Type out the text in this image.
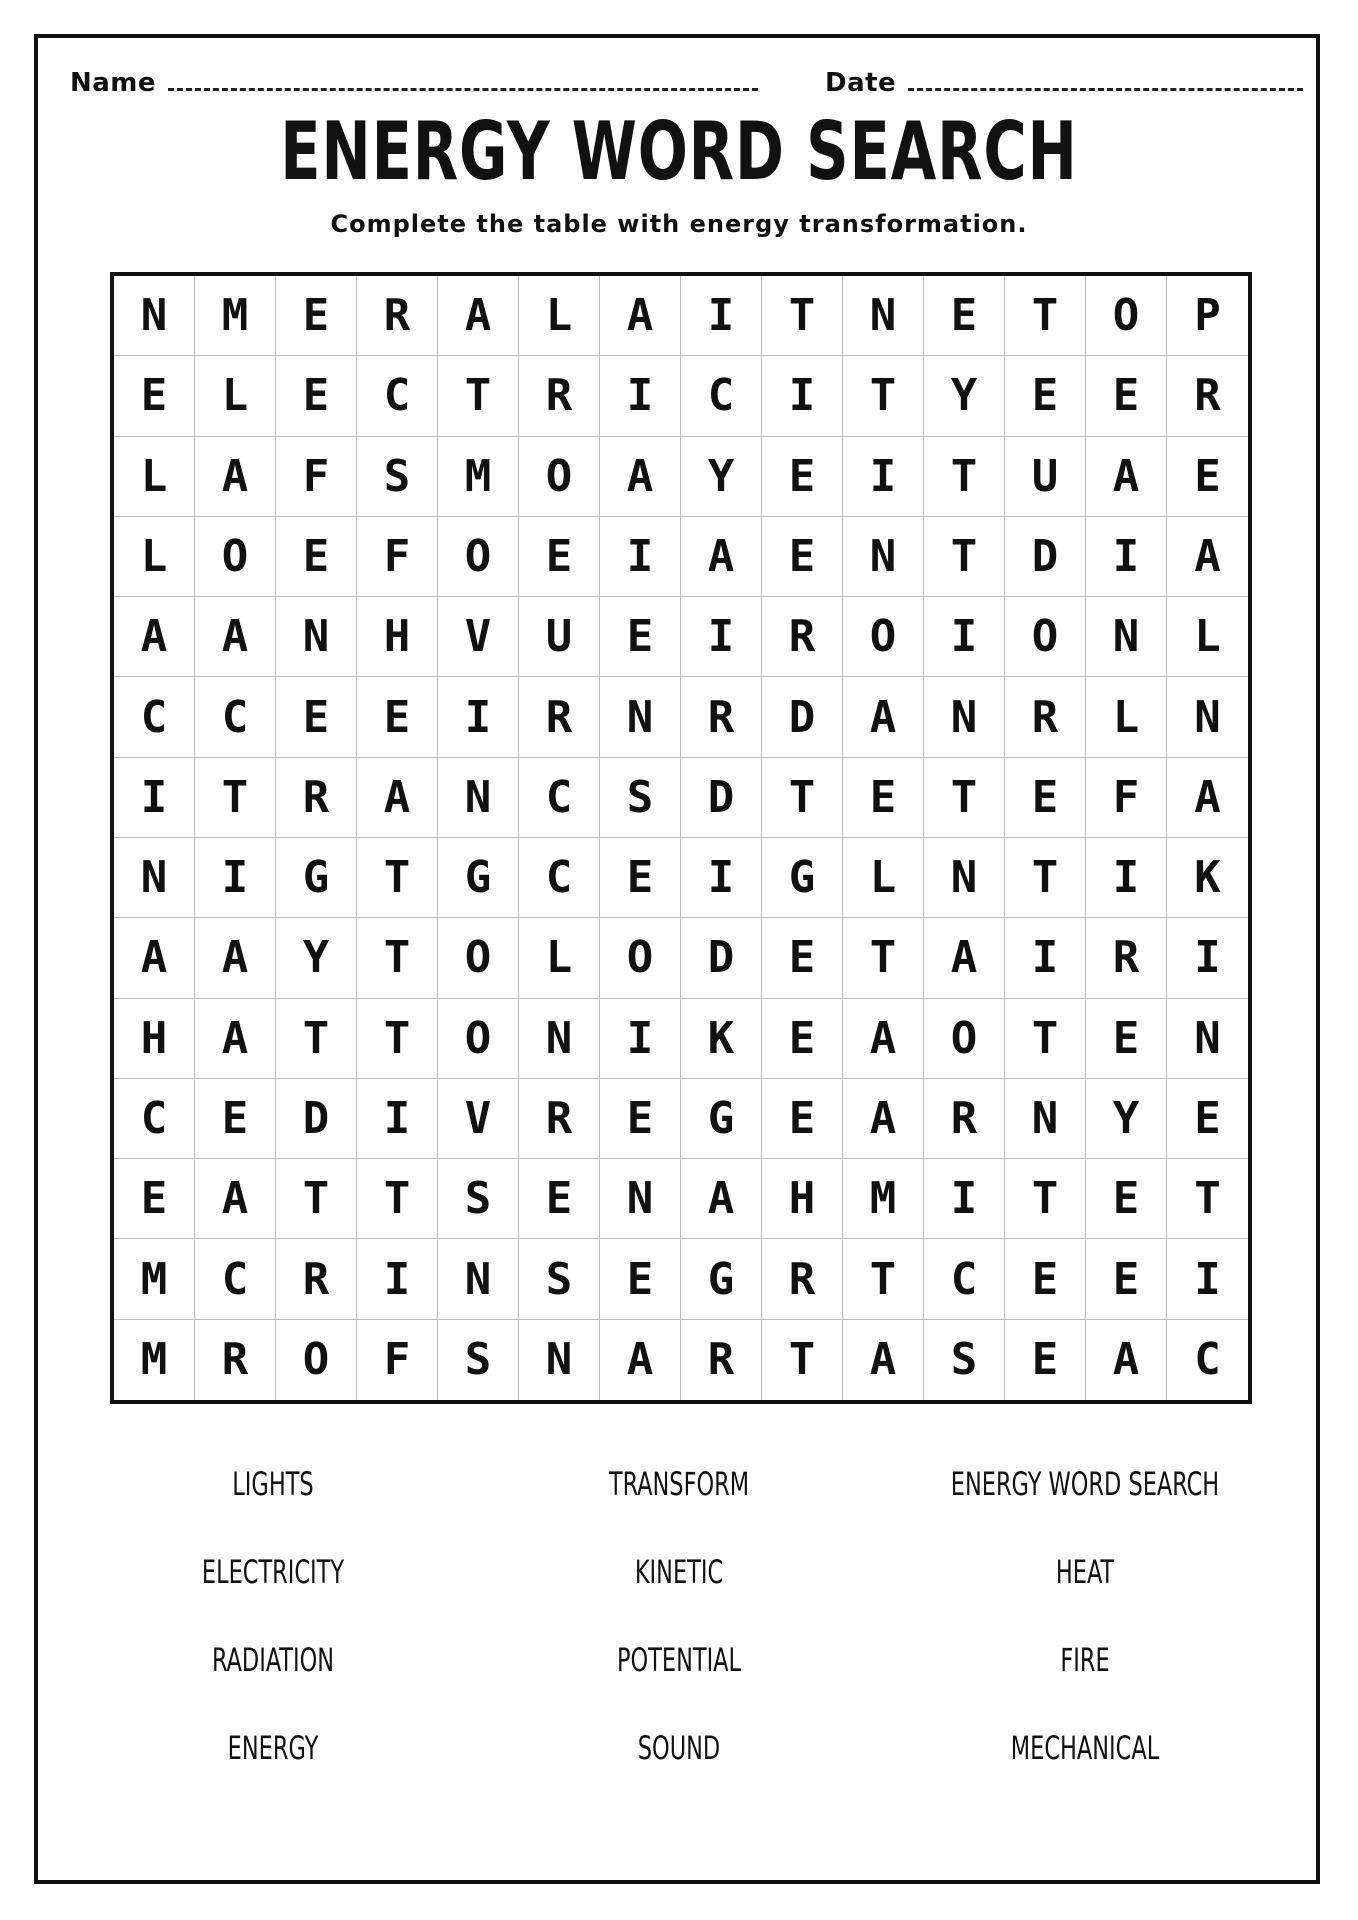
Name	Date
ENERGY WORD SEARCH
Complete the table with energy transformation.
N	M	E	R	A	L	A	I	T	N	E	T	O	P
E	L	E	C	T	R	I	C	I	T	Y	E	E	R
L	A	F	S	M	O	A	Y	E	I	T	U	A	E
L	O	E	F	O	E	I	A	E	N	T	D	I	A
A	A	N	H	V	U	E	I	R	O	I	O	N	L
C	C	E	E	I	R	N	R	D	A	N	R	L	N
I	T	R	A	N	C	S	D	T	E	T	E	F	A
N	I	G	T	G	C	E	I	G	L	N	T	I	K
A	A	Y	T	O	L	O	D	E	T	A	I	R	I
H	A	T	T	O	N	I	K	E	A	O	T	E	N
C	E	D	I	V	R	E	G	E	A	R	N	Y	E
E	A	T	T	S	E	N	A	H	M	I	T	E	T
M	C	R	I	N	S	E	G	R	T	C	E	E	I
M	R	O	F	S	N	A	R	T	A	S	E	A	C
LIGHTS	TRANSFORM	ENERGY WORD SEARCH
ELECTRICITY	KINETIC	HEAT
RADIATION	POTENTIAL	FIRE
ENERGY	SOUND	MECHANICAL
